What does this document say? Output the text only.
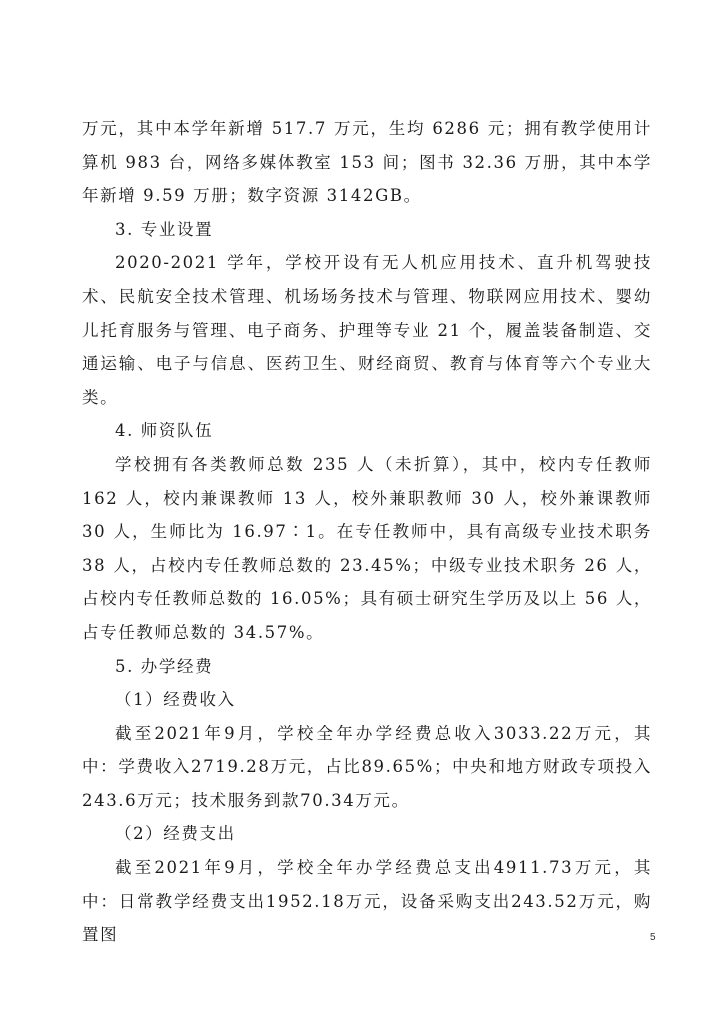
万元，其中本学年新增 517.7 万元，生均 6286 元；拥有教学使用计算机 983 台，网络多媒体教室 153 间；图书 32.36 万册，其中本学年新增 9.59 万册；数字资源 3142GB。

3. 专业设置

2020-2021 学年，学校开设有无人机应用技术、直升机驾驶技术、民航安全技术管理、机场场务技术与管理、物联网应用技术、婴幼儿托育服务与管理、电子商务、护理等专业 21 个，履盖装备制造、交通运输、电子与信息、医药卫生、财经商贸、教育与体育等六个专业大类。

4. 师资队伍

学校拥有各类教师总数 235 人（未折算），其中，校内专任教师 162 人，校内兼课教师 13 人，校外兼职教师 30 人，校外兼课教师 30 人，生师比为 16.97∶1。在专任教师中，具有高级专业技术职务 38 人，占校内专任教师总数的 23.45%；中级专业技术职务 26 人，占校内专任教师总数的 16.05%；具有硕士研究生学历及以上 56 人，占专任教师总数的 34.57%。

5. 办学经费

（1）经费收入

截至2021年9月，学校全年办学经费总收入3033.22万元，其中：学费收入2719.28万元，占比89.65%；中央和地方财政专项投入243.6万元；技术服务到款70.34万元。

（2）经费支出

截至2021年9月，学校全年办学经费总支出4911.73万元，其中：日常教学经费支出1952.18万元，设备采购支出243.52万元，购置图	5
